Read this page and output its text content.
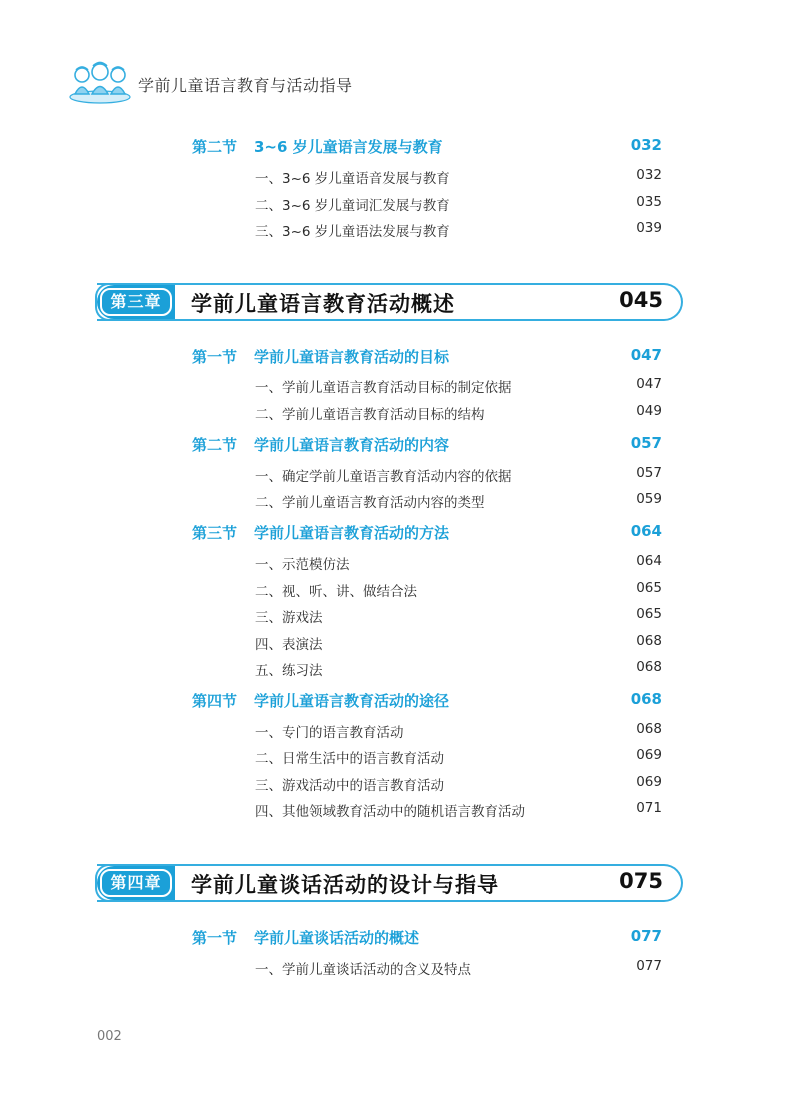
学前儿童语言教育与活动指导
第二节 3~6 岁儿童语言发展与教育	032
一、3~6 岁儿童语音发展与教育	032
二、3~6 岁儿童词汇发展与教育	035
三、3~6 岁儿童语法发展与教育	039
第三章	学前儿童语言教育活动概述	045
第一节 学前儿童语言教育活动的目标	047
一、学前儿童语言教育活动目标的制定依据	047
二、学前儿童语言教育活动目标的结构	049
第二节 学前儿童语言教育活动的内容	057
一、确定学前儿童语言教育活动内容的依据	057
二、学前儿童语言教育活动内容的类型	059
第三节 学前儿童语言教育活动的方法	064
一、示范模仿法	064
二、视、听、讲、做结合法	065
三、游戏法	065
四、表演法	068
五、练习法	068
第四节 学前儿童语言教育活动的途径	068
一、专门的语言教育活动	068
二、日常生活中的语言教育活动	069
三、游戏活动中的语言教育活动	069
四、其他领域教育活动中的随机语言教育活动	071
第四章	学前儿童谈话活动的设计与指导	075
第一节 学前儿童谈话活动的概述	077
一、学前儿童谈话活动的含义及特点	077
002
